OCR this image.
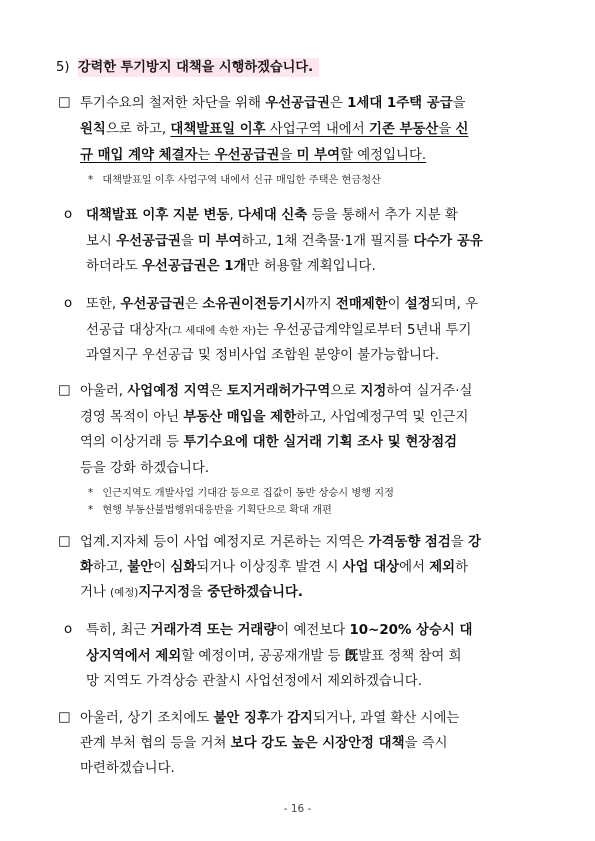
5) 강력한 투기방지 대책을 시행하겠습니다.
□ 투기수요의 철저한 차단을 위해 우선공급권은 1세대 1주택 공급을
원칙으로 하고, 대책발표일 이후 사업구역 내에서 기존 부동산을 신
규 매입 계약 체결자는 우선공급권을 미 부여할 예정입니다.
* 대책발표일 이후 사업구역 내에서 신규 매입한 주택은 현금청산
ο 대책발표 이후 지분 변동, 다세대 신축 등을 통해서 추가 지분 확
보시 우선공급권을 미 부여하고, 1채 건축물·1개 필지를 다수가 공유
하더라도 우선공급권은 1개만 허용할 계획입니다.
ο 또한, 우선공급권은 소유권이전등기시까지 전매제한이 설정되며, 우
선공급 대상자(그 세대에 속한 자)는 우선공급계약일로부터 5년내 투기
과열지구 우선공급 및 정비사업 조합원 분양이 불가능합니다.
□ 아울러, 사업예정 지역은 토지거래허가구역으로 지정하여 실거주·실
경영 목적이 아닌 부동산 매입을 제한하고, 사업예정구역 및 인근지
역의 이상거래 등 투기수요에 대한 실거래 기획 조사 및 현장점검
등을 강화 하겠습니다.
* 인근지역도 개발사업 기대감 등으로 집값이 동반 상승시 병행 지정
* 현행 부동산불법행위대응반을 기획단으로 확대 개편
□ 업계.지자체 등이 사업 예정지로 거론하는 지역은 가격동향 점검을 강
화하고, 불안이 심화되거나 이상징후 발견 시 사업 대상에서 제외하
거나 (예정)지구지정을 중단하겠습니다.
ο 특히, 최근 거래가격 또는 거래량이 예전보다 10~20% 상승시 대
상지역에서 제외할 예정이며, 공공재개발 등 旣발표 정책 참여 희
망 지역도 가격상승 관찰시 사업선정에서 제외하겠습니다.
□ 아울러, 상기 조치에도 불안 징후가 감지되거나, 과열 확산 시에는
관계 부처 협의 등을 거쳐 보다 강도 높은 시장안정 대책을 즉시
마련하겠습니다.
- 16 -
